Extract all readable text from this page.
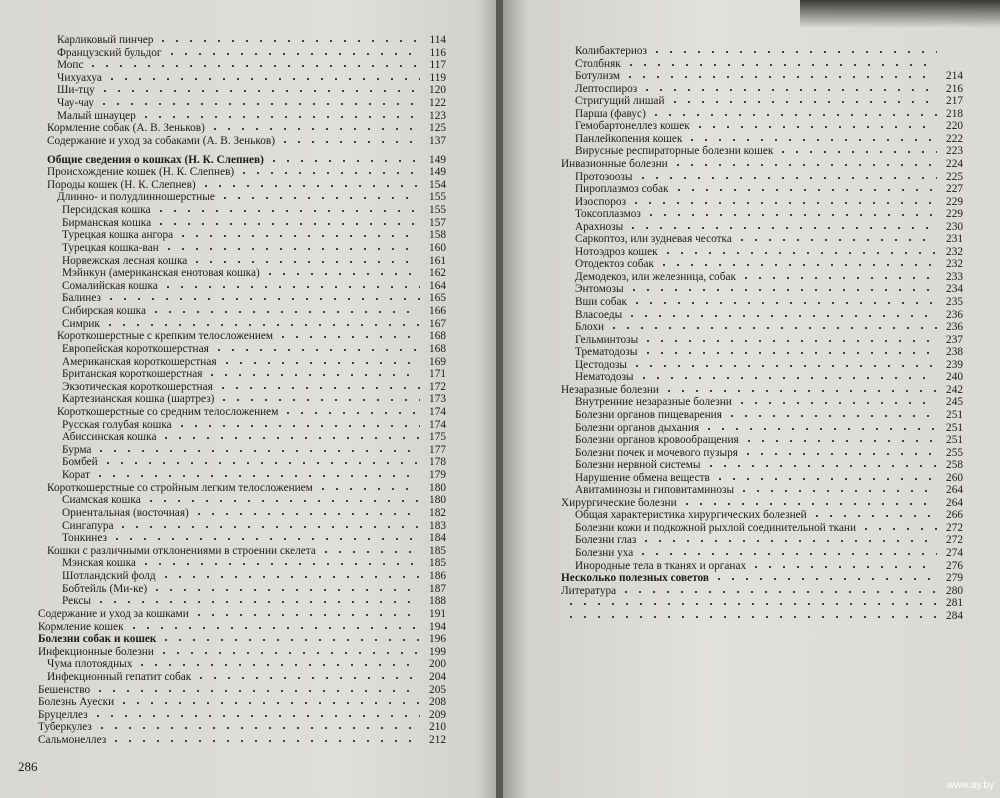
Карликовый пинчер	114
Французский бульдог	116
Мопс	117
Чихуахуа	119
Ши-тцу	120
Чау-чау	122
Малый шнауцер	123
Кормление собак (А. В. Зеньков)	125
Содержание и уход за собаками (А. В. Зеньков)	137
Общие сведения о кошках (Н. К. Слепнев)	149
Происхождение кошек (Н. К. Слепнев)	149
Породы кошек (Н. К. Слепнев)	154
Длинно- и полудлинношерстные	155
Персидская кошка	155
Бирманская кошка	157
Турецкая кошка ангора	158
Турецкая кошка-ван	160
Норвежская лесная кошка	161
Мэйнкун (американская енотовая кошка)	162
Сомалийская кошка	164
Балинез	165
Сибирская кошка	166
Симрик	167
Короткошерстные с крепким телосложением	168
Европейская короткошерстная	168
Американская короткошерстная	169
Британская короткошерстная	171
Экзотическая короткошерстная	172
Картезианская кошка (шартрез)	173
Короткошерстные со средним телосложением	174
Русская голубая кошка	174
Абиссинская кошка	175
Бурма	177
Бомбей	178
Корат	179
Короткошерстные со стройным легким телосложением	180
Сиамская кошка	180
Ориентальная (восточная)	182
Сингапура	183
Тонкинез	184
Кошки с различными отклонениями в строении скелета	185
Мэнская кошка	185
Шотландский фолд	186
Бобтейль (Ми-ке)	187
Рексы	188
Содержание и уход за кошками	191
Кормление кошек	194
Болезни собак и кошек	196
Инфекционные болезни	199
Чума плотоядных	200
Инфекционный гепатит собак	204
Бешенство	205
Болезнь Ауески	208
Бруцеллез	209
Туберкулез	210
Сальмонеллез	212
286
Колибактериоз
Столбняк
Ботулизм	214
Лептоспироз	216
Стригущий лишай	217
Парша (фавус)	218
Гемобартонеллез кошек	220
Панлейкопения кошек	222
Вирусные респираторные болезни кошек	223
Инвазионные болезни	224
Протозоозы	225
Пироплазмоз собак	227
Изоспороз	229
Токсоплазмоз	229
Арахнозы	230
Саркоптоз, или зудневая чесотка	231
Нотоэдроз кошек	232
Отодектоз собак	232
Демодекоз, или железница, собак	233
Энтомозы	234
Вши собак	235
Власоеды	236
Блохи	236
Гельминтозы	237
Трематодозы	238
Цестодозы	239
Нематодозы	240
Незаразные болезни	242
Внутренние незаразные болезни	245
Болезни органов пищеварения	251
Болезни органов дыхания	251
Болезни органов кровообращения	251
Болезни почек и мочевого пузыря	255
Болезни нервной системы	258
Нарушение обмена веществ	260
Авитаминозы и гиповитаминозы	264
Хирургические болезни	264
Общая характеристика хирургических болезней	266
Болезни кожи и подкожной рыхлой соединительной ткани	272
Болезни глаз	272
Болезни уха	274
Инородные тела в тканях и органах	276
Несколько полезных советов	279
Литература	280
281
284
www.ay.by
